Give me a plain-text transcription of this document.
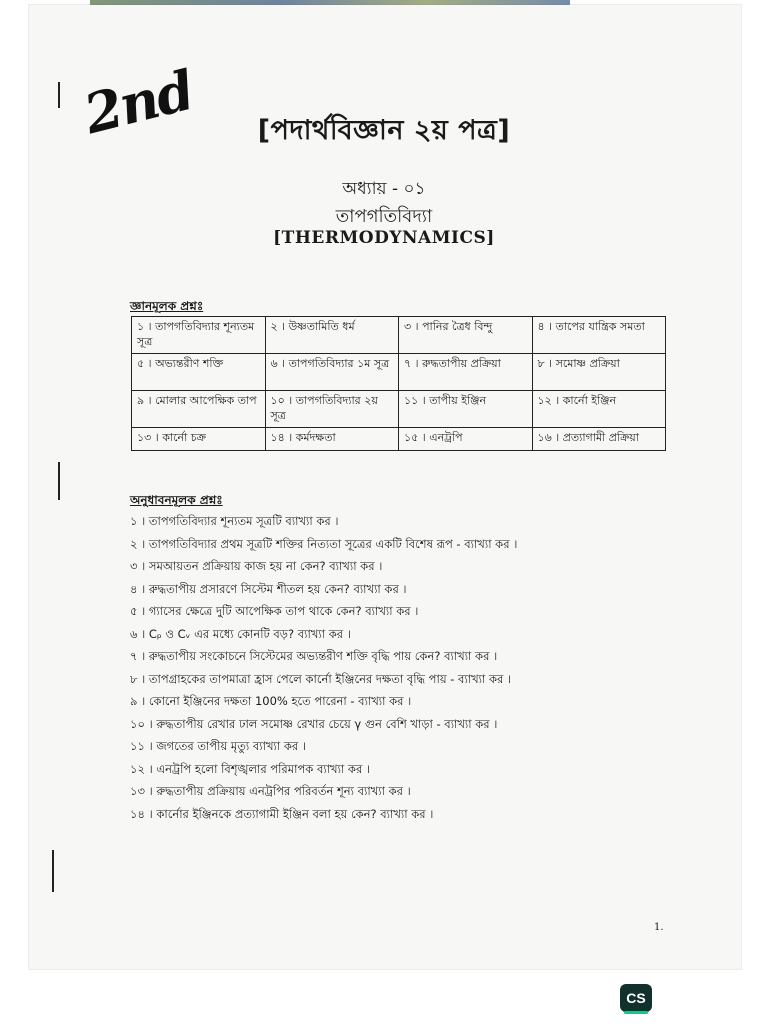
2nd	[পদার্থবিজ্ঞান ২য় পত্র]
অধ্যায় - ০১
তাপগতিবিদ্যা
[THERMODYNAMICS]
জ্ঞানমূলক প্রশ্নঃ
১ । তাপগতিবিদ্যার শূন্যতম সূত্র	২ । উষ্ণতামিতি ধর্ম	৩ । পানির ত্রৈধ বিন্দু	৪ । তাপের যান্ত্রিক সমতা
৫ । অভ্যন্তরীণ শক্তি	৬ । তাপগতিবিদ্যার ১ম সূত্র	৭ । রুদ্ধতাপীয় প্রক্রিয়া	৮ । সমোষ্ণ প্রক্রিয়া
৯ । মোলার আপেক্ষিক তাপ	১০ । তাপগতিবিদ্যার ২য় সূত্র	১১ । তাপীয় ইঞ্জিন	১২ । কার্নো ইঞ্জিন
১৩ । কার্নো চক্র	১৪ । কর্মদক্ষতা	১৫ । এনট্রপি	১৬ । প্রত্যাগামী প্রক্রিয়া
অনুধাবনমূলক প্রশ্নঃ
১ । তাপগতিবিদ্যার শূন্যতম সূত্রটি ব্যাখ্যা কর ।
২ । তাপগতিবিদ্যার প্রথম সূত্রটি শক্তির নিত্যতা সূত্রের একটি বিশেষ রূপ - ব্যাখ্যা কর ।
৩ । সমআয়তন প্রক্রিয়ায় কাজ হয় না কেন? ব্যাখ্যা কর ।
৪ । রুদ্ধতাপীয় প্রসারণে সিস্টেম শীতল হয় কেন? ব্যাখ্যা কর ।
৫ । গ্যাসের ক্ষেত্রে দুটি আপেক্ষিক তাপ থাকে কেন? ব্যাখ্যা কর ।
৬ । Cₚ ও Cᵥ এর মধ্যে কোনটি বড়? ব্যাখ্যা কর ।
৭ । রুদ্ধতাপীয় সংকোচনে সিস্টেমের অভ্যন্তরীণ শক্তি বৃদ্ধি পায় কেন? ব্যাখ্যা কর ।
৮ । তাপগ্রাহকের তাপমাত্রা হ্রাস পেলে কার্নো ইঞ্জিনের দক্ষতা বৃদ্ধি পায় - ব্যাখ্যা কর ।
৯ । কোনো ইঞ্জিনের দক্ষতা 100% হতে পারেনা - ব্যাখ্যা কর ।
১০ । রুদ্ধতাপীয় রেখার ঢাল সমোষ্ণ রেখার চেয়ে γ গুন বেশি খাড়া - ব্যাখ্যা কর ।
১১ । জগতের তাপীয় মৃত্যু ব্যাখ্যা কর ।
১২ । এনট্রপি হলো বিশৃঙ্খলার পরিমাপক ব্যাখ্যা কর ।
১৩ । রুদ্ধতাপীয় প্রক্রিয়ায় এনট্রপির পরিবর্তন শূন্য ব্যাখ্যা কর ।
১৪ । কার্নোর ইঞ্জিনকে প্রত্যাগামী ইঞ্জিন বলা হয় কেন? ব্যাখ্যা কর ।
1.
CS
